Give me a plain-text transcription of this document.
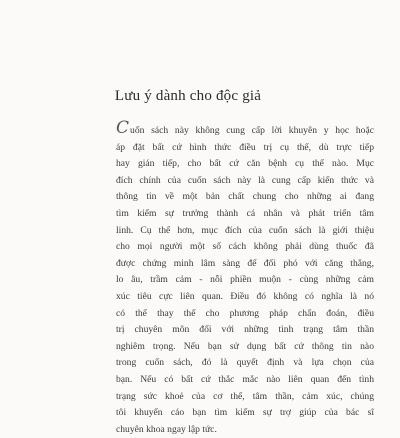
Lưu ý dành cho độc giả
Cuốn sách này không cung cấp lời khuyên y học hoặc
áp đặt bất cứ hình thức điều trị cụ thể, dù trực tiếp
hay gián tiếp, cho bất cứ căn bệnh cụ thể nào. Mục
đích chính của cuốn sách này là cung cấp kiến thức và
thông tin về một bản chất chung cho những ai đang
tìm kiếm sự trưởng thành cá nhân và phát triển tâm
linh. Cụ thể hơn, mục đích của cuốn sách là giới thiệu
cho mọi người một số cách không phải dùng thuốc đã
được chứng minh lâm sàng để đối phó với căng thẳng,
lo âu, trầm cảm - nỗi phiền muộn - cùng những cảm
xúc tiêu cực liên quan. Điều đó không có nghĩa là nó
có thể thay thế cho phương pháp chẩn đoán, điều
trị chuyên môn đối với những tình trạng tâm thần
nghiêm trọng. Nếu bạn sử dụng bất cứ thông tin nào
trong cuốn sách, đó là quyết định và lựa chọn của
bạn. Nếu có bất cứ thắc mắc nào liên quan đến tình
trạng sức khoẻ của cơ thể, tâm thần, cảm xúc, chúng
tôi khuyến cáo bạn tìm kiếm sự trợ giúp của bác sĩ
chuyên khoa ngay lập tức.
